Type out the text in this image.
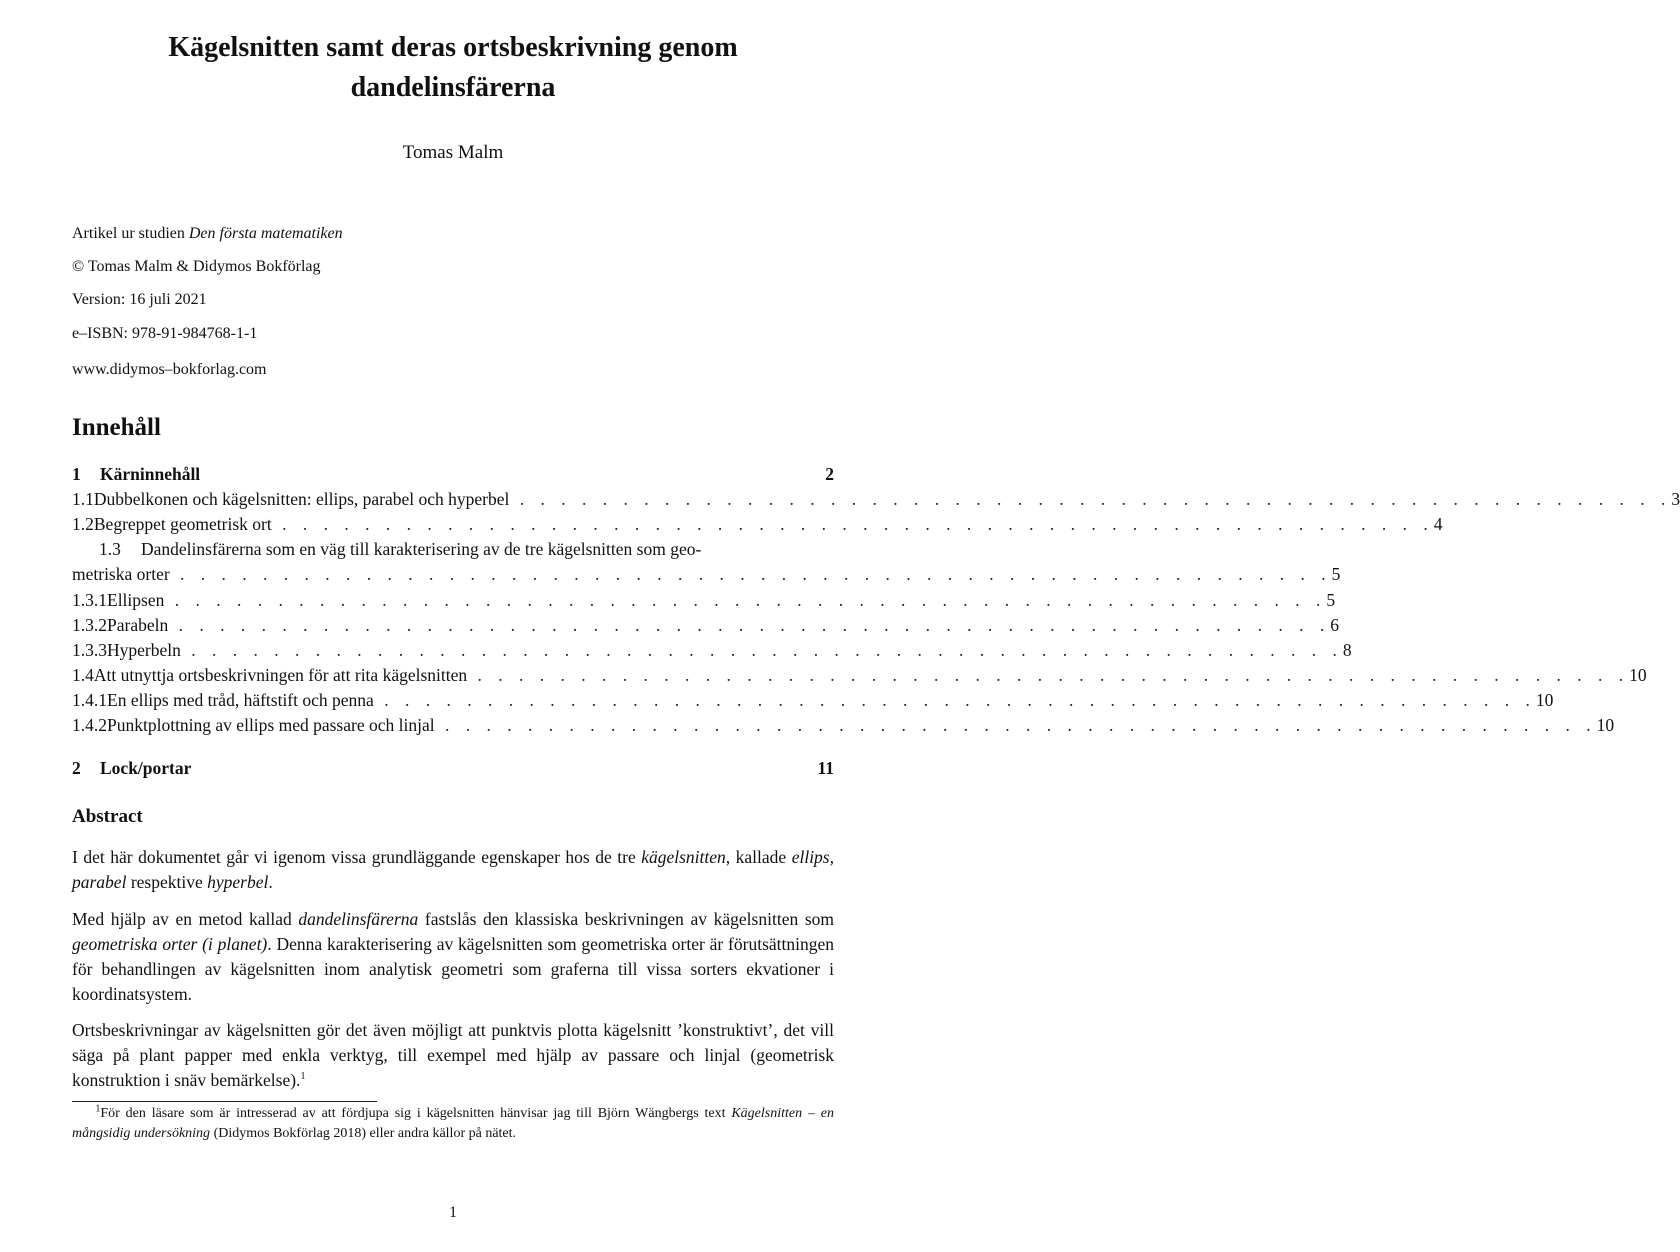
Kägelsnitten samt deras ortsbeskrivning genom dandelinsfärerna
Tomas Malm
Artikel ur studien Den första matematiken
© Tomas Malm & Didymos Bokförlag
Version: 16 juli 2021
e–ISBN: 978-91-984768-1-1
www.didymos–bokforlag.com
Innehåll
1	Kärninnehåll	2
1.1 Dubbelkonen och kägelsnitten: ellips, parabel och hyperbel . . . . . . . . . . . . . . . . . . . . . . . . . . . . . . . . . . . . . . . . . . . . . . . . . . . . . . . . 3
1.2 Begreppet geometrisk ort . . . . . . . . . . . . . . . . . . . . . . . . . . . . . . . . . . . . . . . . . . . . . . . . . . . . . . . . 4
1.3	Dandelinsfärerna som en väg till karakterisering av de tre kägelsnitten som geo-
metriska orter . . . . . . . . . . . . . . . . . . . . . . . . . . . . . . . . . . . . . . . . . . . . . . . . . . . . . . . . 5
1.3.1 Ellipsen . . . . . . . . . . . . . . . . . . . . . . . . . . . . . . . . . . . . . . . . . . . . . . . . . . . . . . . . 5
1.3.2 Parabeln . . . . . . . . . . . . . . . . . . . . . . . . . . . . . . . . . . . . . . . . . . . . . . . . . . . . . . . . 6
1.3.3 Hyperbeln . . . . . . . . . . . . . . . . . . . . . . . . . . . . . . . . . . . . . . . . . . . . . . . . . . . . . . . . 8
1.4 Att utnyttja ortsbeskrivningen för att rita kägelsnitten . . . . . . . . . . . . . . . . . . . . . . . . . . . . . . . . . . . . . . . . . . . . . . . . . . . . . . . . 10
1.4.1 En ellips med tråd, häftstift och penna . . . . . . . . . . . . . . . . . . . . . . . . . . . . . . . . . . . . . . . . . . . . . . . . . . . . . . . . 10
1.4.2 Punktplottning av ellips med passare och linjal . . . . . . . . . . . . . . . . . . . . . . . . . . . . . . . . . . . . . . . . . . . . . . . . . . . . . . . . 10
2	Lock/portar	11
Abstract
I det här dokumentet går vi igenom vissa grundläggande egenskaper hos de tre kägelsnitten, kallade ellips, parabel respektive hyperbel.
Med hjälp av en metod kallad dandelinsfärerna fastslås den klassiska beskrivningen av kägelsnitten som geometriska orter (i planet). Denna karakterisering av kägelsnitten som geometriska orter är förutsättningen för behandlingen av kägelsnitten inom analytisk geometri som graferna till vissa sorters ekvationer i koordinatsystem.
Ortsbeskrivningar av kägelsnitten gör det även möjligt att punktvis plotta kägelsnitt ’konstruktivt’, det vill säga på plant papper med enkla verktyg, till exempel med hjälp av passare och linjal (geometrisk konstruktion i snäv bemärkelse).$^1$
$^1$För den läsare som är intresserad av att fördjupa sig i kägelsnitten hänvisar jag till Björn Wängbergs text Kägelsnitten – en mångsidig undersökning (Didymos Bokförlag 2018) eller andra källor på nätet.
1
